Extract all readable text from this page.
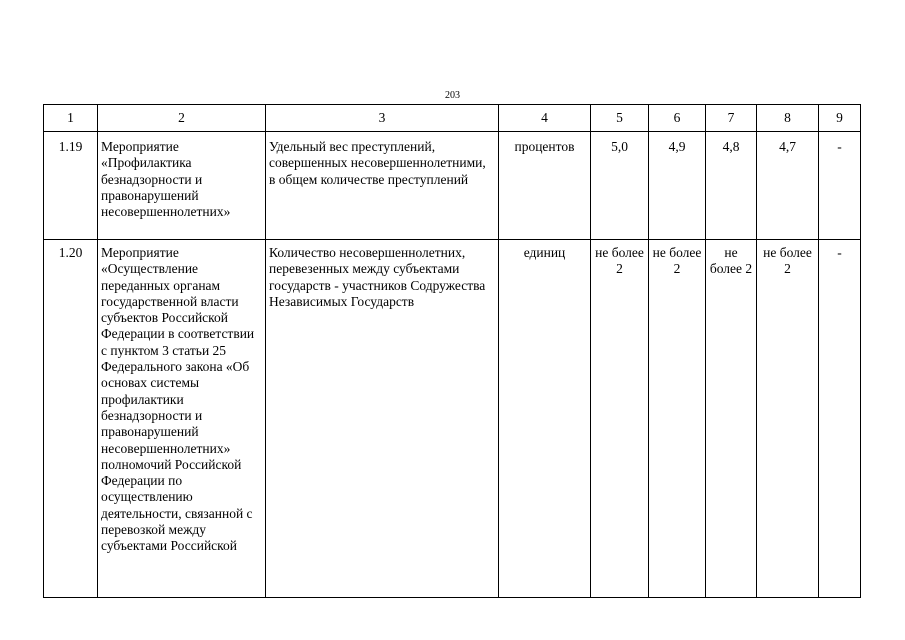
203
1	2	3	4	5	6	7	8	9
1.19	Мероприятие «Профилактика безнадзорности и правонарушений несовершеннолетних»	Удельный вес преступлений, совершенных несовершеннолетними, в общем количестве преступлений	процентов	5,0	4,9	4,8	4,7	-
1.20	Мероприятие «Осуществление переданных органам государственной власти субъектов Российской Федерации в соответствии с пунктом 3 статьи 25 Федерального закона «Об основах системы профилактики безнадзорности и правонарушений несовершеннолетних» полномочий Российской Федерации по осуществлению деятельности, связанной с перевозкой между субъектами Российской	Количество несовершеннолетних, перевезенных между субъектами государств - участников Содружества Независимых Государств	единиц	не более 2	не более 2	не более 2	не более 2	-
